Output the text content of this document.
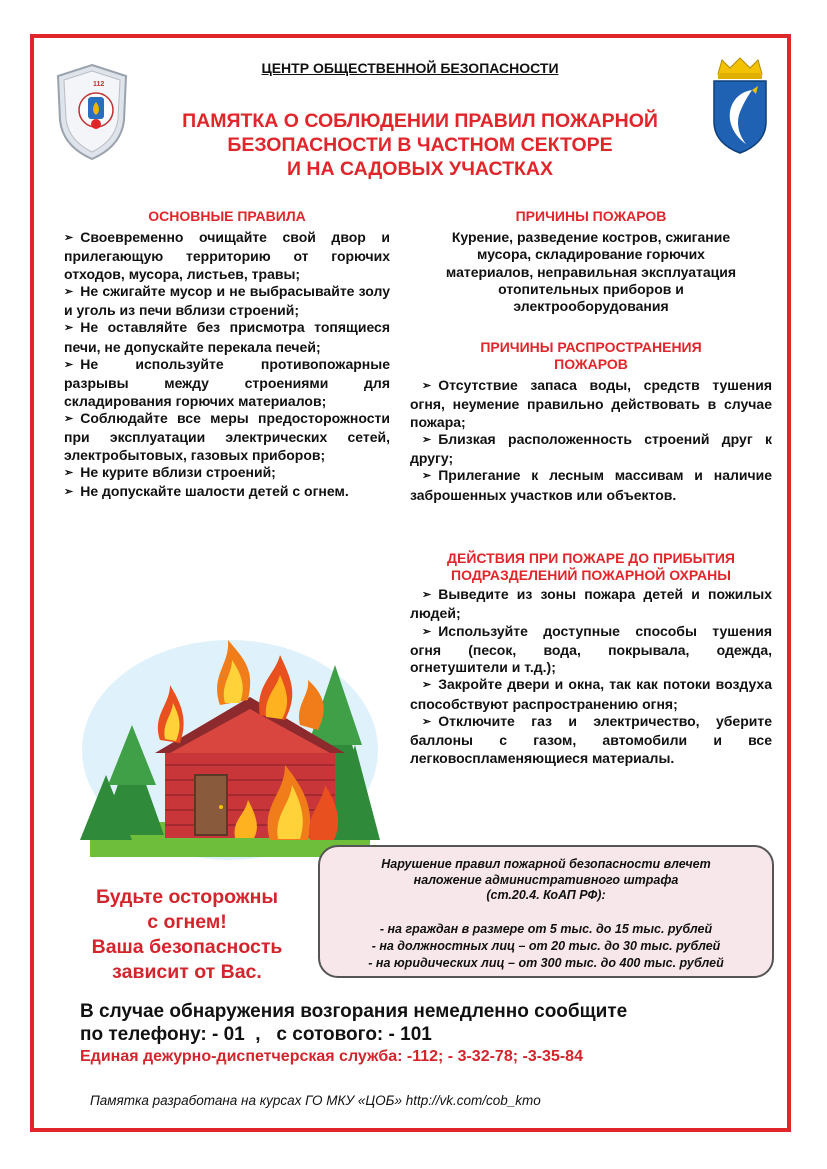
112
ЦЕНТР ОБЩЕСТВЕННОЙ БЕЗОПАСНОСТИ
ПАМЯТКА О СОБЛЮДЕНИИ ПРАВИЛ ПОЖАРНОЙ
БЕЗОПАСНОСТИ В ЧАСТНОМ СЕКТОРЕ
И НА САДОВЫХ УЧАСТКАХ
ОСНОВНЫЕ ПРАВИЛА

➢ Своевременно очищайте свой двор и прилегающую территорию от горючих отходов, мусора, листьев, травы;

➢ Не сжигайте мусор и не выбрасывайте золу и уголь из печи вблизи строений;

➢ Не оставляйте без присмотра топящиеся печи, не допускайте перекала печей;

➢ Не используйте противопожарные разрывы между строениями для складирования горючих материалов;

➢ Соблюдайте все меры предосторожности при эксплуатации электрических сетей, электробытовых, газовых приборов;

➢ Не курите вблизи строений;

➢ Не допускайте шалости детей с огнем.

ПРИЧИНЫ ПОЖАРОВ
Курение, разведение костров, сжигание
мусора, складирование горючих
материалов, неправильная эксплуатация
отопительных приборов и
электрооборудования
ПРИЧИНЫ РАСПРОСТРАНЕНИЯ
ПОЖАРОВ

➢ Отсутствие запаса воды, средств тушения огня, неумение правильно действовать в случае пожара;

➢ Близкая расположенность строений друг к другу;

➢ Прилегание к лесным массивам и наличие заброшенных участков или объектов.

ДЕЙСТВИЯ ПРИ ПОЖАРЕ ДО ПРИБЫТИЯ
ПОДРАЗДЕЛЕНИЙ ПОЖАРНОЙ ОХРАНЫ

➢ Выведите из зоны пожара детей и пожилых людей;

➢ Используйте доступные способы тушения огня (песок, вода, покрывала, одежда, огнетушители и т.д.);

➢ Закройте двери и окна, так как потоки воздуха способствуют распространению огня;

➢ Отключите газ и электричество, уберите баллоны с газом, автомобили и все легковоспламеняющиеся материалы.

Будьте осторожны
с огнем!
Ваша безопасность
зависит от Вас.
Нарушение правил пожарной безопасности влечет
наложение административного штрафа
(ст.20.4. КоАП РФ):
- на граждан в размере от 5 тыс. до 15 тыс. рублей
- на должностных лиц – от 20 тыс. до 30 тыс. рублей
- на юридических лиц – от 300 тыс. до 400 тыс. рублей
В случае обнаружения возгорания немедленно сообщите
по телефону: - 01  ,   с сотового: - 101
Единая дежурно-диспетчерская служба: -112; - 3-32-78; -3-35-84
Памятка разработана на курсах ГО МКУ «ЦОБ» http://vk.com/cob_kmo
